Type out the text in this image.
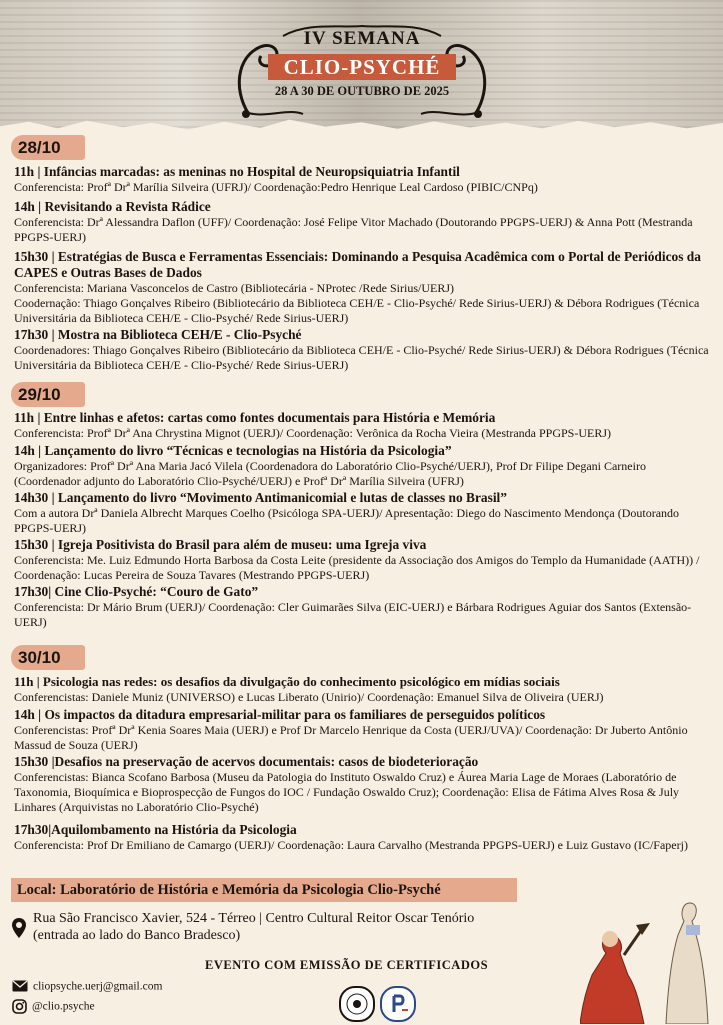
IV SEMANA
CLIO-PSYCHÉ
28 A 30 DE OUTUBRO DE 2025
28/10
11h | Infâncias marcadas: as meninas no Hospital de Neuropsiquiatria Infantil
Conferencista: Profª Drª Marília Silveira (UFRJ)/ Coordenação:Pedro Henrique Leal Cardoso (PIBIC/CNPq)
14h | Revisitando a Revista Rádice
Conferencista: Drª Alessandra Daflon (UFF)/ Coordenação: José Felipe Vitor Machado (Doutorando PPGPS-UERJ) & Anna Pott (Mestranda PPGPS-UERJ)
15h30 | Estratégias de Busca e Ferramentas Essenciais: Dominando a Pesquisa Acadêmica com o Portal de Periódicos da CAPES e Outras Bases de Dados
Conferencista: Mariana Vasconcelos de Castro (Bibliotecária - NProtec /Rede Sirius/UERJ)
Coodernação: Thiago Gonçalves Ribeiro (Bibliotecário da Biblioteca CEH/E - Clio-Psyché/ Rede Sirius-UERJ) & Débora Rodrigues (Técnica Universitária da Biblioteca CEH/E - Clio-Psyché/ Rede Sirius-UERJ)
17h30 | Mostra na Biblioteca CEH/E - Clio-Psyché
Coordenadores: Thiago Gonçalves Ribeiro (Bibliotecário da Biblioteca CEH/E - Clio-Psyché/ Rede Sirius-UERJ) & Débora Rodrigues (Técnica Universitária da Biblioteca CEH/E - Clio-Psyché/ Rede Sirius-UERJ)
29/10
11h | Entre linhas e afetos: cartas como fontes documentais para História e Memória
Conferencista: Profª Drª Ana Chrystina Mignot (UERJ)/ Coordenação: Verônica da Rocha Vieira (Mestranda PPGPS-UERJ)
14h | Lançamento do livro “Técnicas e tecnologias na História da Psicologia”
Organizadores: Profª Drª Ana Maria Jacó Vilela (Coordenadora do Laboratório Clio-Psyché/UERJ), Prof Dr Filipe Degani Carneiro (Coordenador adjunto do Laboratório Clio-Psyché/UERJ) e Profª Drª Marília Silveira (UFRJ)
14h30 | Lançamento do livro “Movimento Antimanicomial e lutas de classes no Brasil”
Com a autora Drª Daniela Albrecht Marques Coelho (Psicóloga SPA-UERJ)/ Apresentação: Diego do Nascimento Mendonça (Doutorando PPGPS-UERJ)
15h30 | Igreja Positivista do Brasil para além de museu: uma Igreja viva
Conferencista: Me. Luiz Edmundo Horta Barbosa da Costa Leite (presidente da Associação dos Amigos do Templo da Humanidade (AATH)) / Coordenação: Lucas Pereira de Souza Tavares (Mestrando PPGPS-UERJ)
17h30| Cine Clio-Psyché: “Couro de Gato”
Conferencista: Dr Mário Brum (UERJ)/ Coordenação: Cler Guimarães Silva (EIC-UERJ) e Bárbara Rodrigues Aguiar dos Santos (Extensão-UERJ)
30/10
11h | Psicologia nas redes: os desafios da divulgação do conhecimento psicológico em mídias sociais
Conferencistas: Daniele Muniz (UNIVERSO) e Lucas Liberato (Unirio)/ Coordenação: Emanuel Silva de Oliveira (UERJ)
14h | Os impactos da ditadura empresarial-militar para os familiares de perseguidos políticos
Conferencistas: Profª Drª Kenia Soares Maia (UERJ) e Prof Dr Marcelo Henrique da Costa (UERJ/UVA)/ Coordenação: Dr Juberto Antônio Massud de Souza (UERJ)
15h30 |Desafios na preservação de acervos documentais: casos de biodeterioração
Conferencistas: Bianca Scofano Barbosa (Museu da Patologia do Instituto Oswaldo Cruz) e Áurea Maria Lage de Moraes (Laboratório de Taxonomia, Bioquímica e Bioprospecção de Fungos do IOC / Fundação Oswaldo Cruz); Coordenação: Elisa de Fátima Alves Rosa & July Linhares (Arquivistas no Laboratório Clio-Psyché)
17h30|Aquilombamento na História da Psicologia
Conferencista: Prof Dr Emiliano de Camargo (UERJ)/ Coordenação: Laura Carvalho (Mestranda PPGPS-UERJ) e Luiz Gustavo (IC/Faperj)
Local: Laboratório de História e Memória da Psicologia Clio-Psyché
Rua São Francisco Xavier, 524 - Térreo | Centro Cultural Reitor Oscar Tenório (entrada ao lado do Banco Bradesco)
EVENTO COM EMISSÃO DE CERTIFICADOS
cliopsyche.uerj@gmail.com
@clio.psyche
